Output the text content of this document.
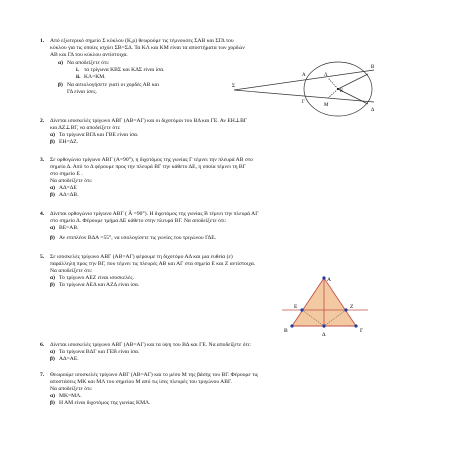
1. Από εξωτερικό σημείο Σ κύκλου (Κ,ρ) θεωρούμε τις τέμνουσες ΣΑΒ και ΣΓΔ του
κύκλου για τις οποίες ισχύει ΣΒ=ΣΔ. Τα ΚΛ και ΚΜ είναι τα αποστήματα των χορδών
ΑΒ και ΓΔ του κύκλου αντίστοιχα.
α) Να αποδείξετε ότι:
i. τα τρίγωνα ΚΒΣ και ΚΔΣ είναι ίσα.
ii. ΚΛ=ΚΜ.
β) Να αιτιολογήσετε γιατί οι χορδές ΑΒ και
ΓΔ είναι ίσες.
Σ
Α
Β
Γ
Δ
Κ
Λ
Μ
2. Δίνεται ισοσκελές τρίγωνο ΑΒΓ (ΑΒ=ΑΓ) και οι διχοτόμοι του ΒΔ και ΓΕ. Αν ΕΗ⊥ΒΓ
και ΔΖ⊥ΒΓ, να αποδείξετε ότι:
α) Τα τρίγωνα ΒΓΔ και ΓΒΕ είναι ίσα.
β) ΕΗ=ΔΖ.
3. Σε ορθογώνιο τρίγωνο ΑΒΓ (Α=90°), η διχοτόμος της γωνίας Γ τέμνει την πλευρά ΑΒ στο
σημείο Δ. Από το Δ φέρουμε προς την πλευρά ΒΓ την κάθετο ΔΕ, η οποία τέμνει τη ΒΓ
στο σημείο Ε .
Να αποδείξετε ότι:
α) ΑΔ=ΔΕ
β) ΑΔ<ΔΒ.
4. Δίνεται ορθογώνιο τρίγωνο ΑΒΓ ( Â =90°). Η διχοτόμος της γωνίας Β τέμνει την πλευρά ΑΓ
στο σημείο Δ. Φέρουμε τμήμα ΔΕ κάθετο στην πλευρά ΒΓ. Να αποδείξετε ότι:
α) ΒΕ=ΑΒ.
β) Αν επιπλέον ΒΔΑ =55°, να υπολογίσετε τις γωνίες του τριγώνου ΓΔΕ.
5. Σε ισοσκελές τρίγωνο ΑΒΓ (ΑΒ=ΑΓ) φέρουμε τη διχοτόμο ΑΔ και μια ευθεία (ε)
παράλληλη προς την ΒΓ, που τέμνει τις πλευρές ΑΒ και ΑΓ στα σημεία Ε και Ζ αντίστοιχα.
Να αποδείξετε ότι:
α) Το τρίγωνο ΑΕΖ είναι ισοσκελές.
β) Τα τρίγωνα ΑΕΔ και ΑΖΔ είναι ίσα.
Α
Ε	Ζ
Β	Γ
Δ
6. Δίνεται ισοσκελές τρίγωνο ΑΒΓ (ΑΒ=ΑΓ) και τα ύψη του ΒΔ και ΓΕ. Να αποδείξετε ότι:
α) Τα τρίγωνα ΒΔΓ και ΓΕΒ είναι ίσα.
β) ΑΔ=ΑΕ.
7. Θεωρούμε ισοσκελές τρίγωνο ΑΒΓ (ΑΒ=ΑΓ) και το μέσο Μ της βάσης του ΒΓ. Φέρουμε τις
αποστάσεις ΜΚ και ΜΛ του σημείου Μ από τις ίσες πλευρές του τριγώνου ΑΒΓ.
Να αποδείξετε ότι:
α) ΜΚ=ΜΛ.
β) Η ΑΜ είναι διχοτόμος της γωνίας ΚΜΛ.
